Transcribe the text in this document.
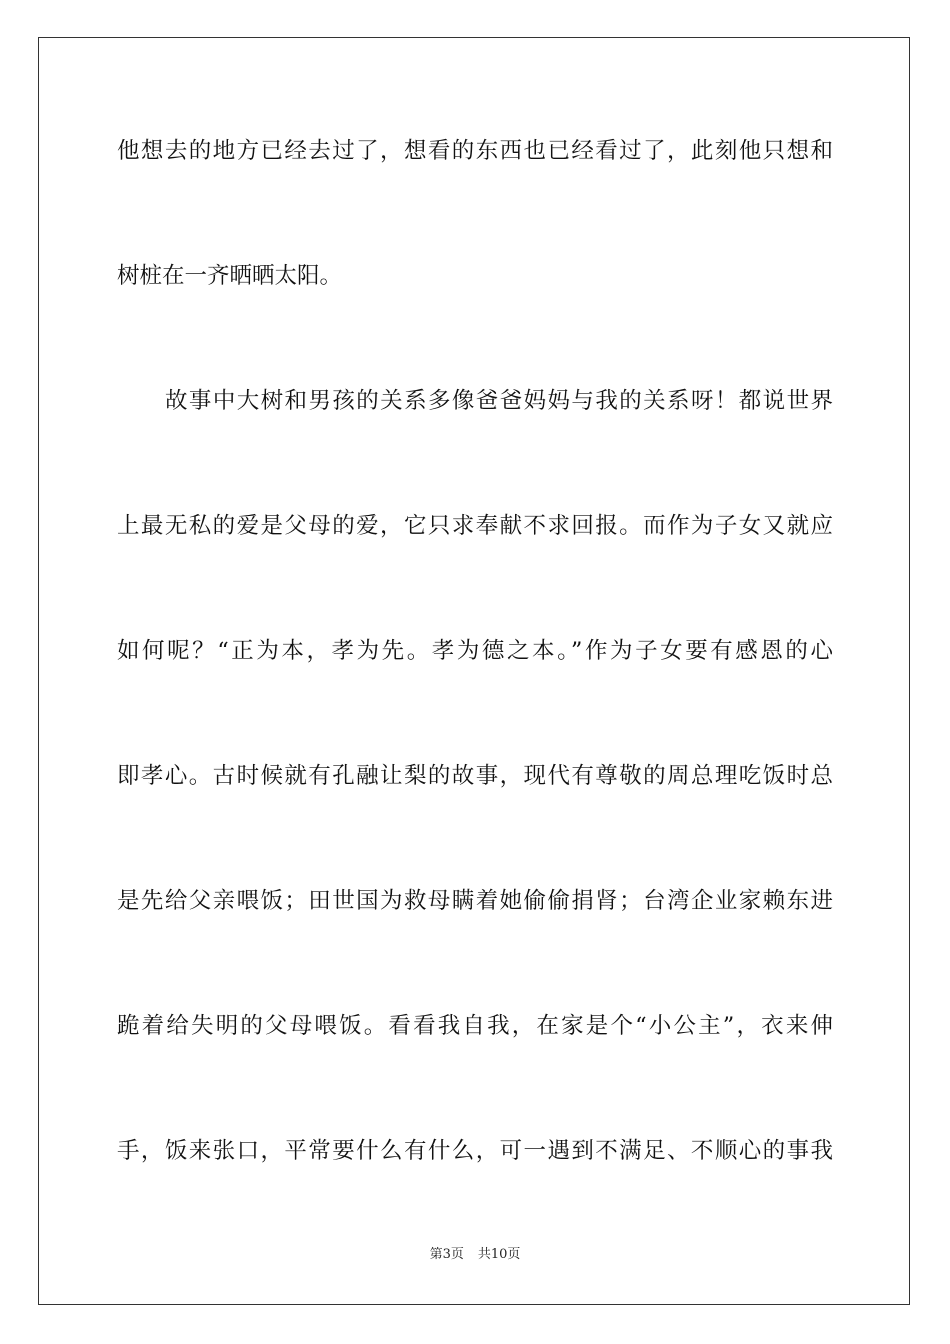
他想去的地方已经去过了，想看的东西也已经看过了，此刻他只想和
树桩在一齐晒晒太阳。
故事中大树和男孩的关系多像爸爸妈妈与我的关系呀！都说世界
上最无私的爱是父母的爱，它只求奉献不求回报。而作为子女又就应
如何呢？“正为本，孝为先。孝为德之本。”作为子女要有感恩的心
即孝心。古时候就有孔融让梨的故事，现代有尊敬的周总理吃饭时总
是先给父亲喂饭；田世国为救母瞒着她偷偷捐肾；台湾企业家赖东进
跪着给失明的父母喂饭。看看我自我，在家是个“小公主”，衣来伸
手，饭来张口，平常要什么有什么，可一遇到不满足、不顺心的事我
第3页 共10页
